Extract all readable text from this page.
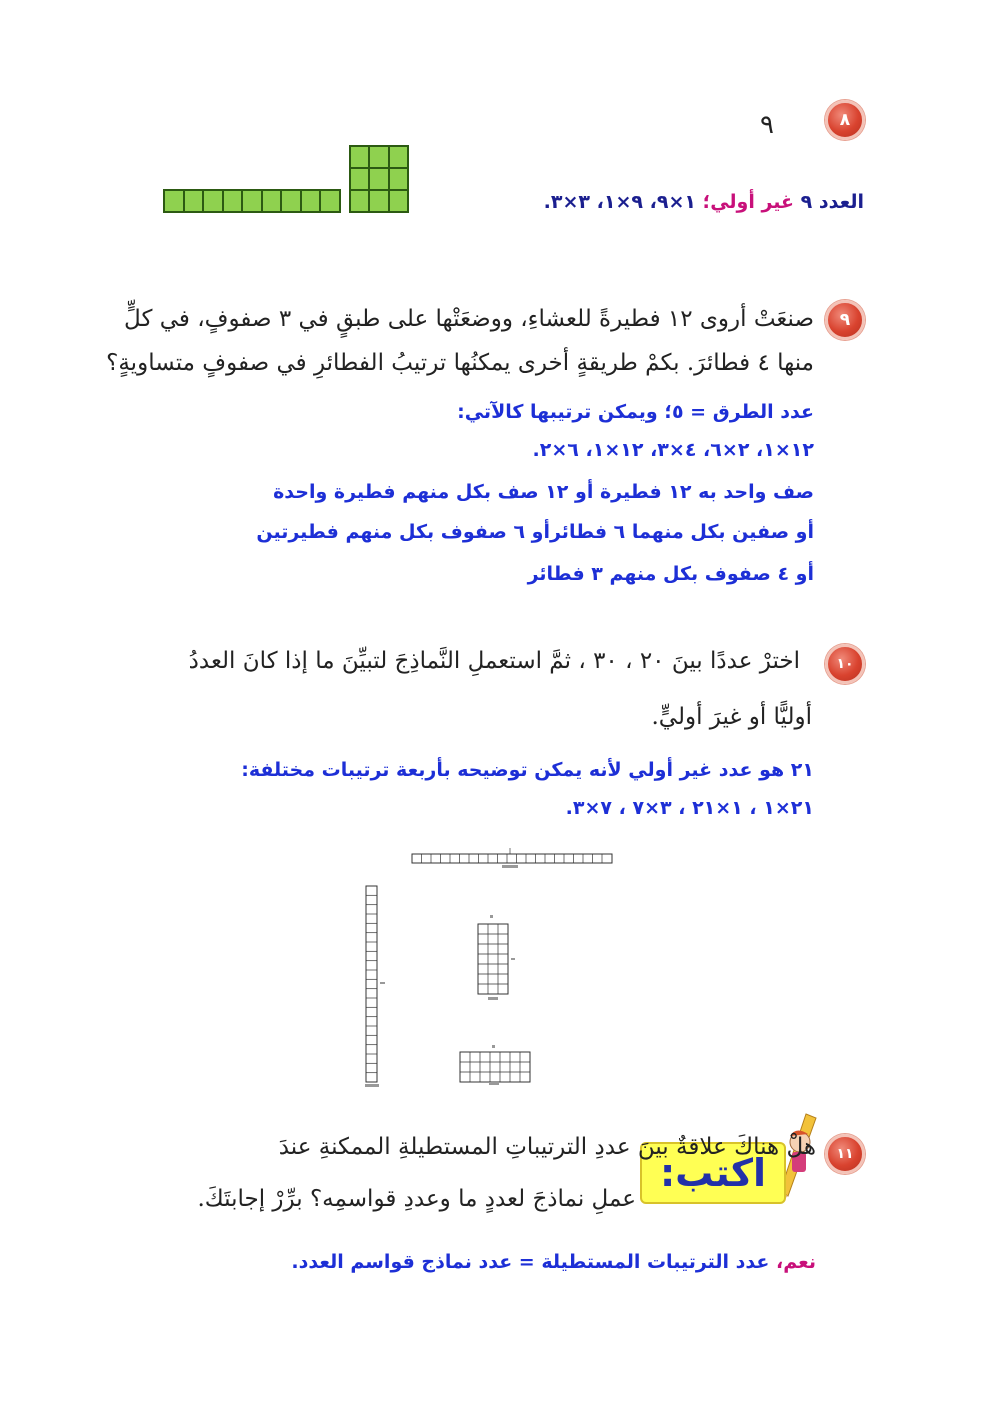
٨
٩
العدد ٩ غير أولي؛ ١×٩، ٩×١، ٣×٣.
٩
صنعَتْ أروى ١٢ فطيرةً للعشاءِ، ووضعَتْها على طبقٍ في ٣ صفوفٍ، في كلٍّ
منها ٤ فطائرَ. بكمْ طريقةٍ أخرى يمكنُها ترتيبُ الفطائرِ في صفوفٍ متساويةٍ؟
عدد الطرق = ٥؛ ويمكن ترتيبها كالآتي:
١٢×١، ٢×٦، ٤×٣، ١٢×١، ٦×٢.
صف واحد به ١٢ فطيرة أو ١٢ صف بكل منهم فطيرة واحدة
أو صفين بكل منهما ٦ فطائرأو ٦ صفوف بكل منهم فطيرتين
أو ٤ صفوف بكل منهم ٣ فطائر
١٠
اخترْ عددًا بينَ ٢٠ ، ٣٠ ، ثمَّ استعملِ النَّماذِجَ لتبيِّنَ ما إذا كانَ العددُ
أوليًّا أو غيرَ أوليٍّ.
٢١ هو عدد غير أولي لأنه يمكن توضيحه بأربعة ترتيبات مختلفة:
٢١×١ ، ١×٢١ ، ٣×٧ ، ٧×٣.
١١
اكتب:
هلْ هناكَ علاقةٌ بينَ عددِ الترتيباتِ المستطيلةِ الممكنةِ عندَ
عملِ نماذجَ لعددٍ ما وعددِ قواسمِه؟ برِّرْ إجابتَكَ.
نعم، عدد الترتيبات المستطيلة = عدد نماذج قواسم العدد.
